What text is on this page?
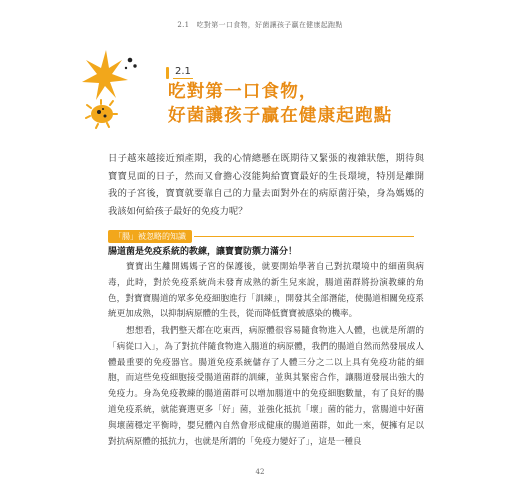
2.1　吃對第一口食物，好菌讓孩子贏在健康起跑點
2.1
吃對第一口食物，
好菌讓孩子贏在健康起跑點
日子越來越接近預產期，我的心情總懸在既期待又緊張的複雜狀態，期待與寶寶見面的日子，然而又會擔心沒能夠給寶寶最好的生長環境，特別是離開我的子宮後，寶寶就要靠自己的力量去面對外在的病原菌汙染，身為媽媽的我該如何給孩子最好的免疫力呢？
「腸」被忽略的知識
腸道菌是免疫系統的教練，讓寶寶防禦力滿分！
寶寶出生離開媽媽子宮的保護後，就要開始學著自己對抗環境中的細菌與病毒，此時，對於免疫系統尚未發育成熟的新生兒來說，腸道菌群將扮演教練的角色，對寶寶腸道的眾多免疫細胞進行「訓練」，開發其全部潛能，使腸道相關免疫系統更加成熟，以抑制病原體的生長，從而降低寶寶被感染的機率。
想想看，我們整天都在吃東西，病原體很容易隨食物進入人體，也就是所謂的「病從口入」，為了對抗伴隨食物進入腸道的病原體，我們的腸道自然而然發展成人體最重要的免疫器官。腸道免疫系統儲存了人體三分之二以上具有免疫功能的細胞，而這些免疫細胞接受腸道菌群的訓練，並與其緊密合作，讓腸道發展出強大的免疫力。身為免疫教練的腸道菌群可以增加腸道中的免疫細胞數量，有了良好的腸道免疫系統，就能賽選更多「好」菌，並強化抵抗「壞」菌的能力，當腸道中好菌與壞菌穩定平衡時，嬰兒體內自然會形成健康的腸道菌群，如此一來，便擁有足以對抗病原體的抵抗力，也就是所謂的「免疫力變好了」，這是一種良
42
